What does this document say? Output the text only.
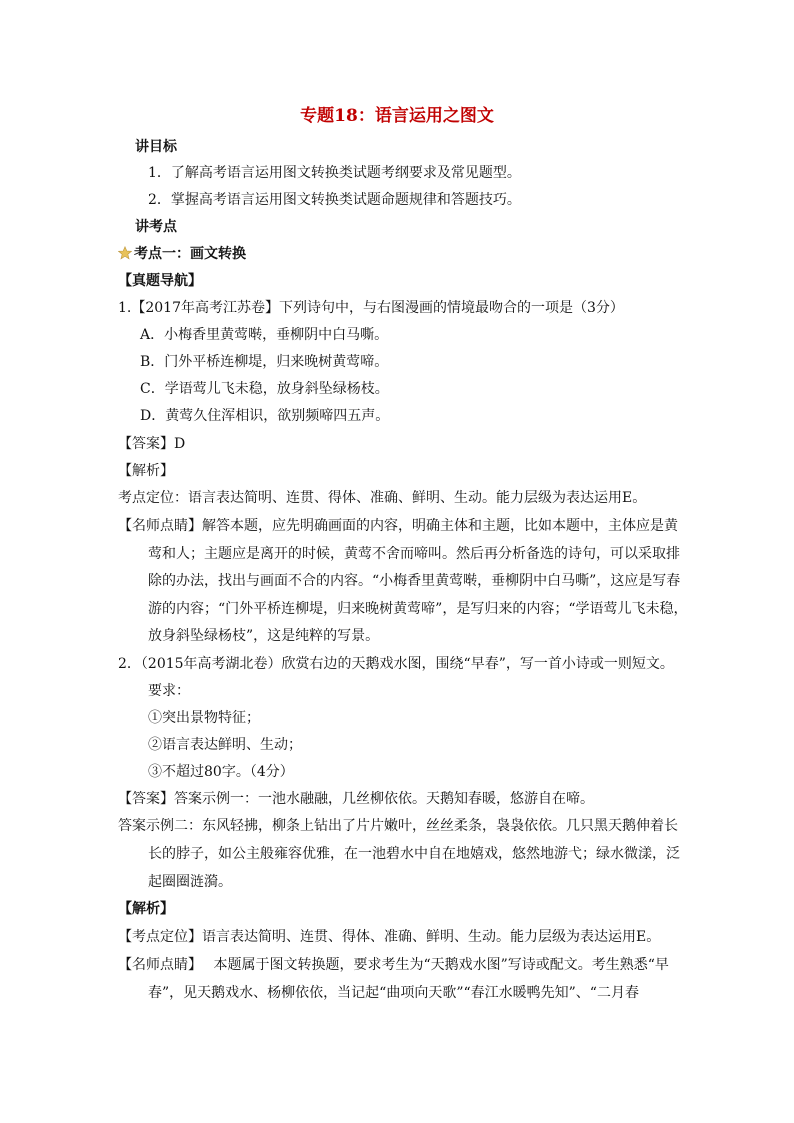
专题18：语言运用之图文
讲目标
1．了解高考语言运用图文转换类试题考纲要求及常见题型。
2．掌握高考语言运用图文转换类试题命题规律和答题技巧。
讲考点
考点一：画文转换
【真题导航】
1.【2017年高考江苏卷】下列诗句中，与右图漫画的情境最吻合的一项是（3分）
A．小梅香里黄莺啭，垂柳阴中白马嘶。
B．门外平桥连柳堤，归来晚树黄莺啼。
C．学语莺儿飞未稳，放身斜坠绿杨枝。
D．黄莺久住浑相识，欲别频啼四五声。
【答案】D
【解析】
考点定位：语言表达简明、连贯、得体、准确、鲜明、生动。能力层级为表达运用E。
【名师点睛】解答本题，应先明确画面的内容，明确主体和主题，比如本题中，主体应是黄
莺和人；主题应是离开的时候，黄莺不舍而啼叫。然后再分析备选的诗句，可以采取排
除的办法，找出与画面不合的内容。“小梅香里黄莺啭，垂柳阴中白马嘶”，这应是写春
游的内容；“门外平桥连柳堤，归来晚树黄莺啼”，是写归来的内容；“学语莺儿飞未稳，
放身斜坠绿杨枝”，这是纯粹的写景。
2．（2015年高考湖北卷）欣赏右边的天鹅戏水图，围绕“早春”，写一首小诗或一则短文。
要求：
①突出景物特征；
②语言表达鲜明、生动；
③不超过80字。（4分）
【答案】答案示例一：一池水融融，几丝柳依依。天鹅知春暖，悠游自在啼。
答案示例二：东风轻拂，柳条上钻出了片片嫩叶，丝丝柔条，袅袅依依。几只黑天鹅伸着长
长的脖子，如公主般雍容优雅，在一池碧水中自在地嬉戏，悠然地游弋；绿水微漾，泛
起圈圈涟漪。
【解析】
【考点定位】语言表达简明、连贯、得体、准确、鲜明、生动。能力层级为表达运用E。
【名师点睛】　 本题属于图文转换题，要求考生为“天鹅戏水图”写诗或配文。考生熟悉“早
春”，见天鹅戏水、杨柳依依，当记起“曲项向天歌”“春江水暖鸭先知”、“二月春
